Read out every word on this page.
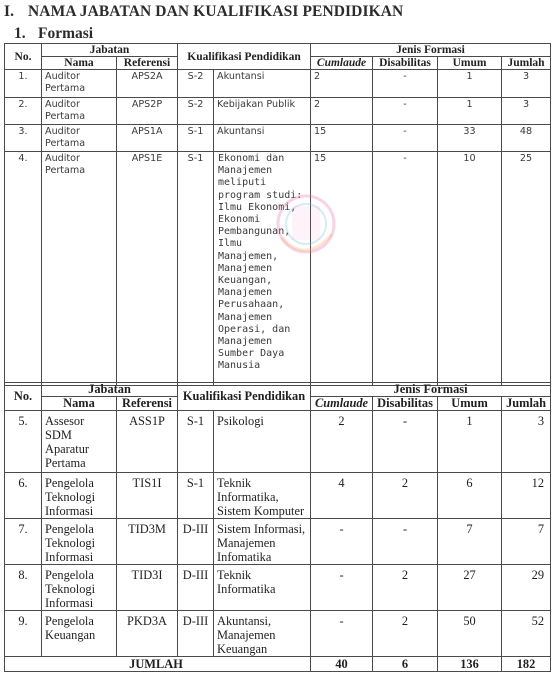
I. NAMA JABATAN DAN KUALIFIKASI PENDIDIKAN
1. Formasi
No.	Jabatan		Kualifikasi Pendidikan		Jenis Formasi			
	Nama	Referensi			Cumlaude	Disabilitas	Umum	Jumlah
1.	Auditor Pertama	APS2A	S-2	Akuntansi	2	-	1	3
2.	Auditor Pertama	APS2P	S-2	Kebijakan Publik	2	-	1	3
3.	Auditor Pertama	APS1A	S-1	Akuntansi	15	-	33	48
4.	Auditor Pertama	APS1E	S-1	Ekonomi dan Manajemen meliputi program studi: Ilmu Ekonomi, Ekonomi Pembangunan, Ilmu Manajemen, Manajemen Keuangan, Manajemen Perusahaan, Manajemen Operasi, dan Manajemen Sumber Daya Manusia	15	-	10	25
No.	Jabatan		Kualifikasi Pendidikan		Jenis Formasi			
	Nama	Referensi			Cumlaude	Disabilitas	Umum	Jumlah
5.	Assesor SDM Aparatur Pertama	ASS1P	S-1	Psikologi	2	-	1	3
6.	Pengelola Teknologi Informasi	TIS1I	S-1	Teknik Informatika, Sistem Komputer	4	2	6	12
7.	Pengelola Teknologi Informasi	TID3M	D-III	Sistem Informasi, Manajemen Infomatika	-	-	7	7
8.	Pengelola Teknologi Informasi	TID3I	D-III	Teknik Informatika	-	2	27	29
9.	Pengelola Keuangan	PKD3A	D-III	Akuntansi, Manajemen Keuangan	-	2	50	52
JUMLAH					40	6	136	182
